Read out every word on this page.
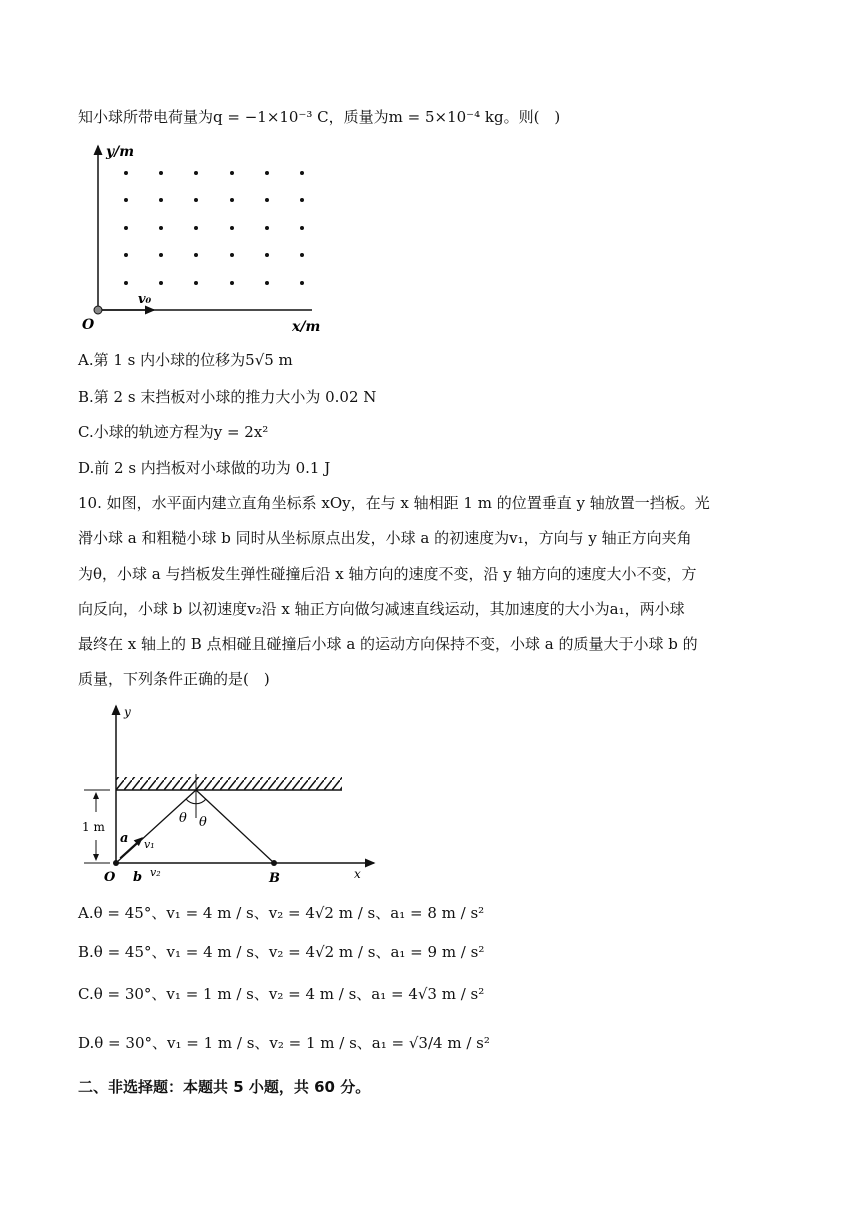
知小球所带电荷量为q = −1×10⁻³ C，质量为m = 5×10⁻⁴ kg。则(　)
y/m
O
v₀
x/m
A.第 1 s 内小球的位移为5√5 m
B.第 2 s 末挡板对小球的推力大小为 0.02 N
C.小球的轨迹方程为y = 2x²
D.前 2 s 内挡板对小球做的功为 0.1 J
10. 如图，水平面内建立直角坐标系 xOy，在与 x 轴相距 1 m 的位置垂直 y 轴放置一挡板。光
滑小球 a 和粗糙小球 b 同时从坐标原点出发，小球 a 的初速度为v₁，方向与 y 轴正方向夹角
为θ，小球 a 与挡板发生弹性碰撞后沿 x 轴方向的速度不变，沿 y 轴方向的速度大小不变，方
向反向，小球 b 以初速度v₂沿 x 轴正方向做匀减速直线运动，其加速度的大小为a₁，两小球
最终在 x 轴上的 B 点相碰且碰撞后小球 a 的运动方向保持不变，小球 a 的质量大于小球 b 的
质量，下列条件正确的是(　)
1 m
θ θ
a v₁
y
x
O b v₂	B
A.θ = 45°、v₁ = 4 m / s、v₂ = 4√2 m / s、a₁ = 8 m / s²
B.θ = 45°、v₁ = 4 m / s、v₂ = 4√2 m / s、a₁ = 9 m / s²
C.θ = 30°、v₁ = 1 m / s、v₂ = 4 m / s、a₁ = 4√3 m / s²
D.θ = 30°、v₁ = 1 m / s、v₂ = 1 m / s、a₁ = √3/4 m / s²
二、非选择题：本题共 5 小题，共 60 分。
